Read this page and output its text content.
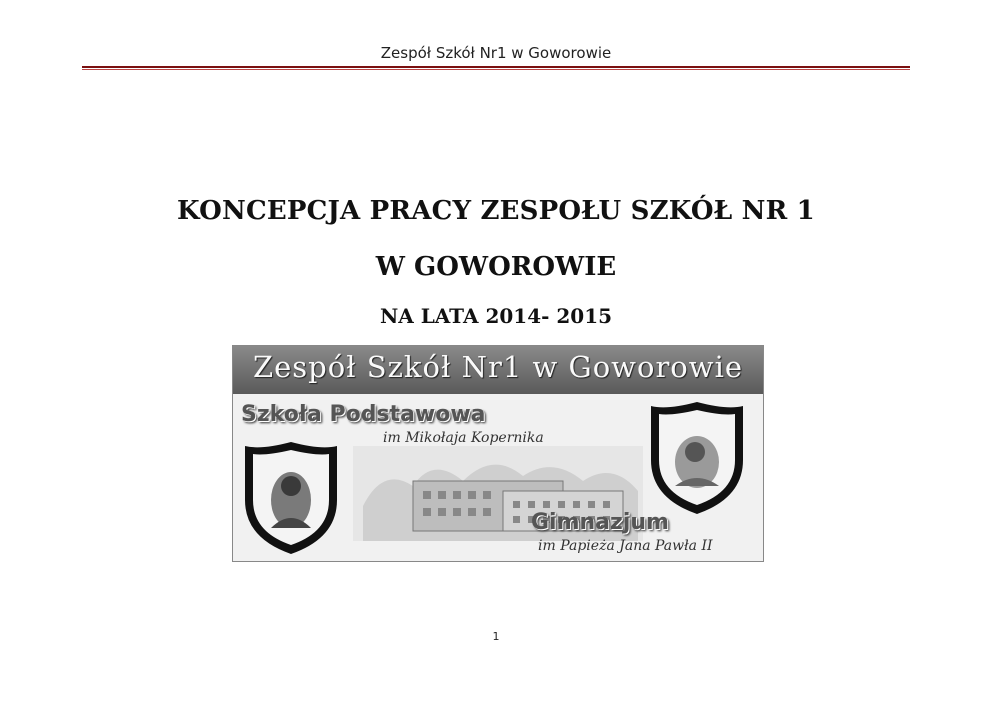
Zespół Szkół Nr1 w Goworowie
KONCEPCJA PRACY ZESPOŁU SZKÓŁ NR 1
W GOWOROWIE
NA LATA 2014- 2015
Zespół Szkół Nr1 w Goworowie
Szkoła Podstawowa
im Mikołaja Kopernika
Gimnazjum
im Papieża Jana Pawła II
1
